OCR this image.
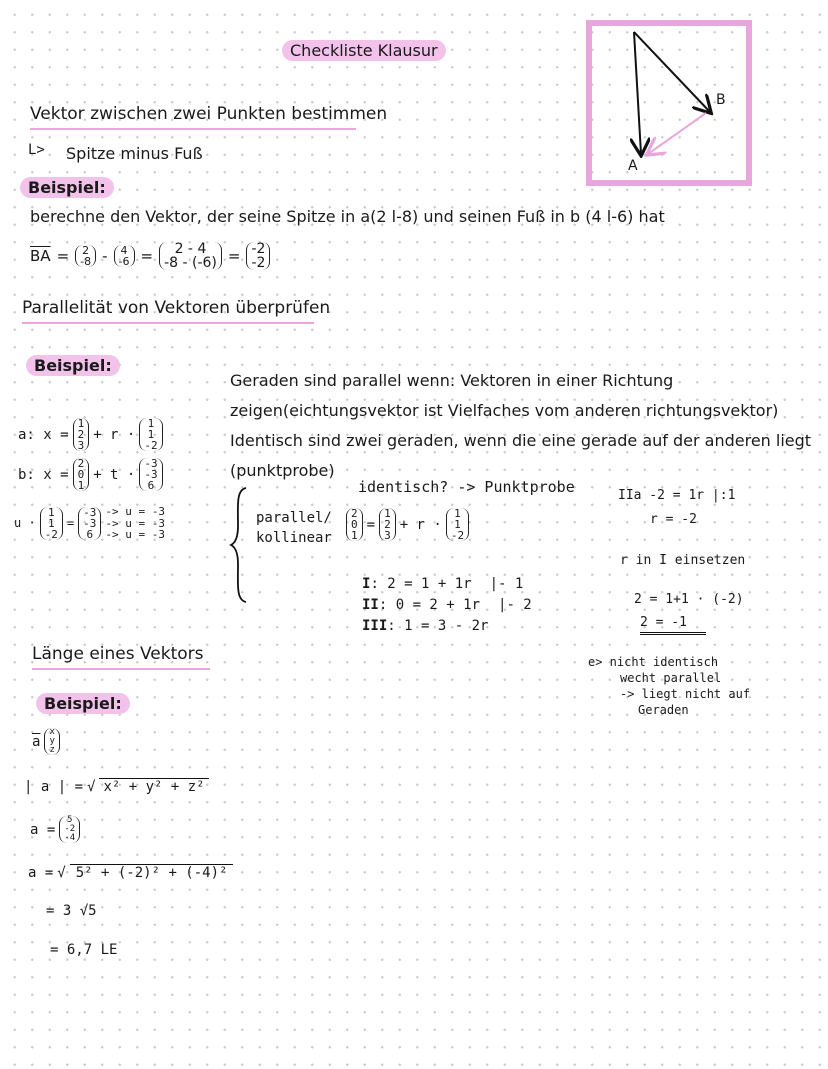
Checkliste Klausur
B
A
Vektor zwischen zwei Punkten bestimmen
L> Spitze minus Fuß
Beispiel:
berechne den Vektor, der seine Spitze in a(2 l-8) und seinen Fuß in b (4 l-6) hat
$\overline{BA} = 2$
-8 - 4
-6 =	2 - 4
-8 - (-6) = -2
-2
Parallelität von Vektoren überprüfen
Beispiel:
Geraden sind parallel wenn: Vektoren in einer Richtung
zeigen(eichtungsvektor ist Vielfaches vom anderen richtungsvektor)
Identisch sind zwei geraden, wenn die eine gerade auf der anderen liegt
(punktprobe)
a: x =
1
2
3
+ r ·
1
1
-2
b: x =
2
0
1
+ t ·
-3
-3
6
u ·
1
1
-2
=
-3
-3
6
-> u = -3
-> u = -3
-> u = -3
parallel/
kollinear
identisch? -> Punktprobe
2
0
1
=
1
2
3
+ r ·
1
1
-2
I: 2 = 1 + 1r |- 1
II: 0 = 2 + 1r |- 2
III: 1 = 3 - 2r
IIa -2 = 1r |:1
r = -2
r in I einsetzen
2 = 1+1 · (-2)
2 = -1
e> nicht identisch
wecht parallel
-> liegt nicht auf
Geraden
Länge eines Vektors
Beispiel:
$\overline{a}$
x
y
z
| a | = √ x² + y² + z²
a =
5
-2
-4
a = √ 5² + (-2)² + (-4)²
= 3 √5
= 6,7 LE
